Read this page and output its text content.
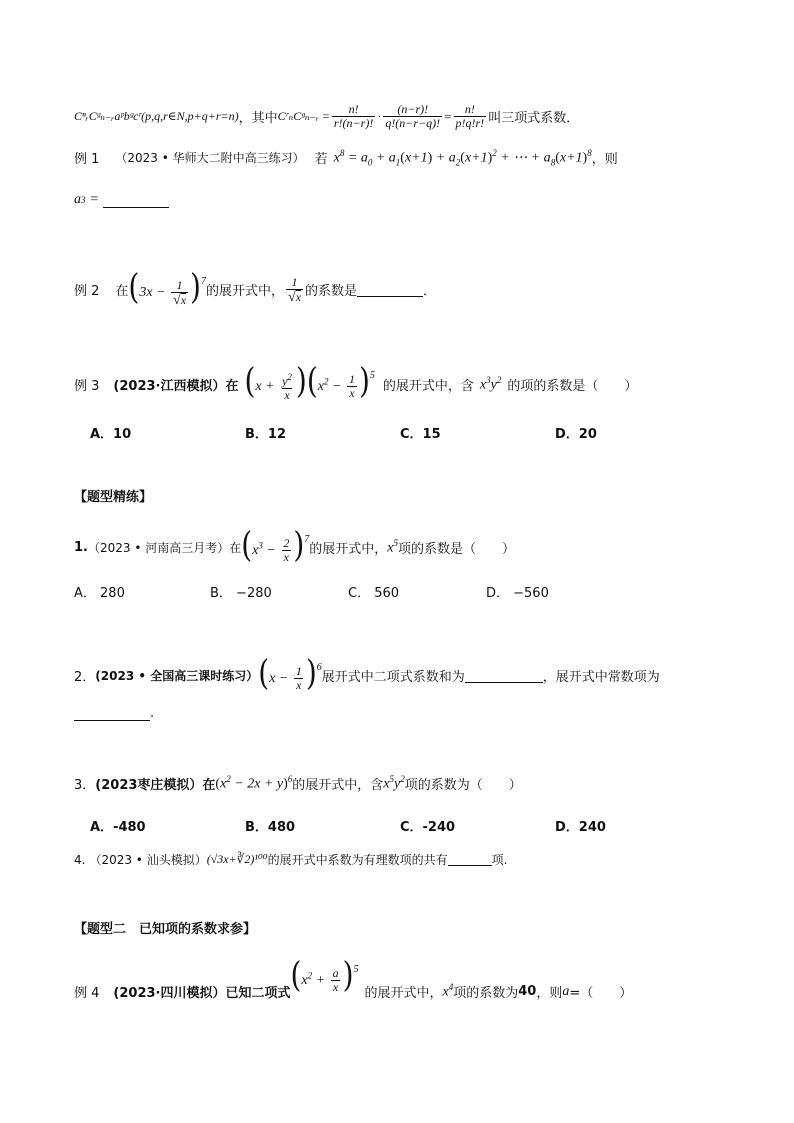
CⁿᵣCᵍₙ₋ᵣaᵖbᵍcʳ(p,q,r∈N,p+q+r=n) ，其中 CʳₙCᵍₙ₋ᵣ = $\frac{n!}{r!(n-r)!} \cdot \frac{(n-r)!}{q!(n-r-q)!} = \frac{n!}{p!q!r!}$ 叫三项式系数．
例 1 （2023 • 华师大二附中高三练习） 若 $x^8 = a_0 + a_1(x+1) + a_2(x+1)^2$ + ⋯ + $a_8(x+1)^8$ ，则
a 3 =
例 2 在 $(3x - \frac{1}{√ x} )^7$
的展开式中， $\frac{1}{√ x}$ 的系数是	．
例 3 (2023·江西模拟）在 $(x + \frac{y^2}{x} )(x^2 - \frac{1}{x} )^5$
的展开式中，含 $x^3y^2$ 的项的系数是（　　）
A．10	B．12	C．15	D．20
【题型精练】
1. （2023 • 河南高三月考）在 $(x^3 - \frac{2}{x} )^7$
的展开式中， $x^5$ 项的系数是（　　）
A． 280	B． −280	C． 560	D． −560
2． (2023 • 全国高三课时练习） $(x - \frac{1}{x} )^6$
展开式中二项式系数和为	，展开式中常数项为
.
3． (2023枣庄模拟）在 $(x^2 - 2x + y)^6$ 的展开式中，含 $x^5y^2$ 项的系数为（　　）
A．-480	B．480	C．-240	D．240
4. （2023 • 汕头模拟） (√3x+∛2)¹⁰⁰ 的展开式中系数为有理数项的共有	项.
【题型二　已知项的系数求参】
例 4 (2023·四川模拟）已知二项式 $(x^2 + \frac{a}{x} )^5$
的展开式中， $x^4$ 项的系数为 40 ，则 a =（　　）
